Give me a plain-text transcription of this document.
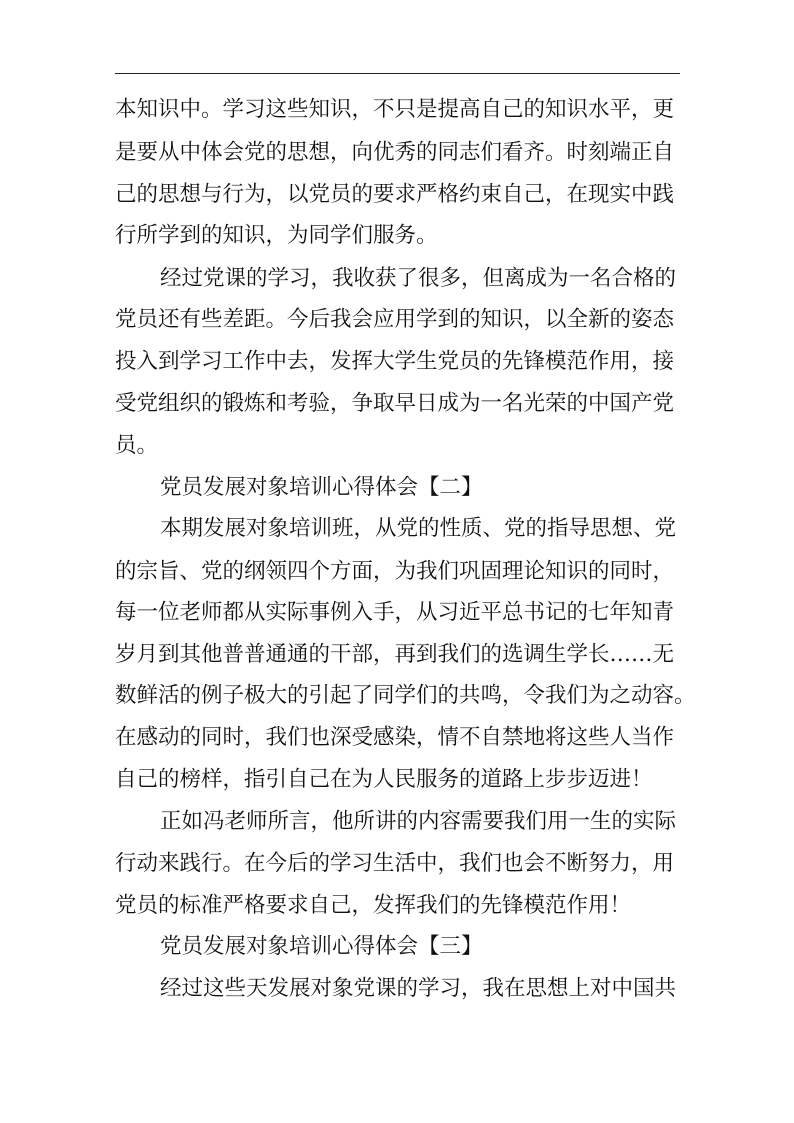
本知识中。学习这些知识，不只是提高自己的知识水平，更
是要从中体会党的思想，向优秀的同志们看齐。时刻端正自
己的思想与行为，以党员的要求严格约束自己，在现实中践
行所学到的知识，为同学们服务。
经过党课的学习，我收获了很多，但离成为一名合格的
党员还有些差距。今后我会应用学到的知识，以全新的姿态
投入到学习工作中去，发挥大学生党员的先锋模范作用，接
受党组织的锻炼和考验，争取早日成为一名光荣的中国产党
员。
党员发展对象培训心得体会【二】
本期发展对象培训班，从党的性质、党的指导思想、党
的宗旨、党的纲领四个方面，为我们巩固理论知识的同时，
每一位老师都从实际事例入手，从习近平总书记的七年知青
岁月到其他普普通通的干部，再到我们的选调生学长……无
数鲜活的例子极大的引起了同学们的共鸣，令我们为之动容。
在感动的同时，我们也深受感染，情不自禁地将这些人当作
自己的榜样，指引自己在为人民服务的道路上步步迈进！
正如冯老师所言，他所讲的内容需要我们用一生的实际
行动来践行。在今后的学习生活中，我们也会不断努力，用
党员的标准严格要求自己，发挥我们的先锋模范作用！
党员发展对象培训心得体会【三】
经过这些天发展对象党课的学习，我在思想上对中国共
